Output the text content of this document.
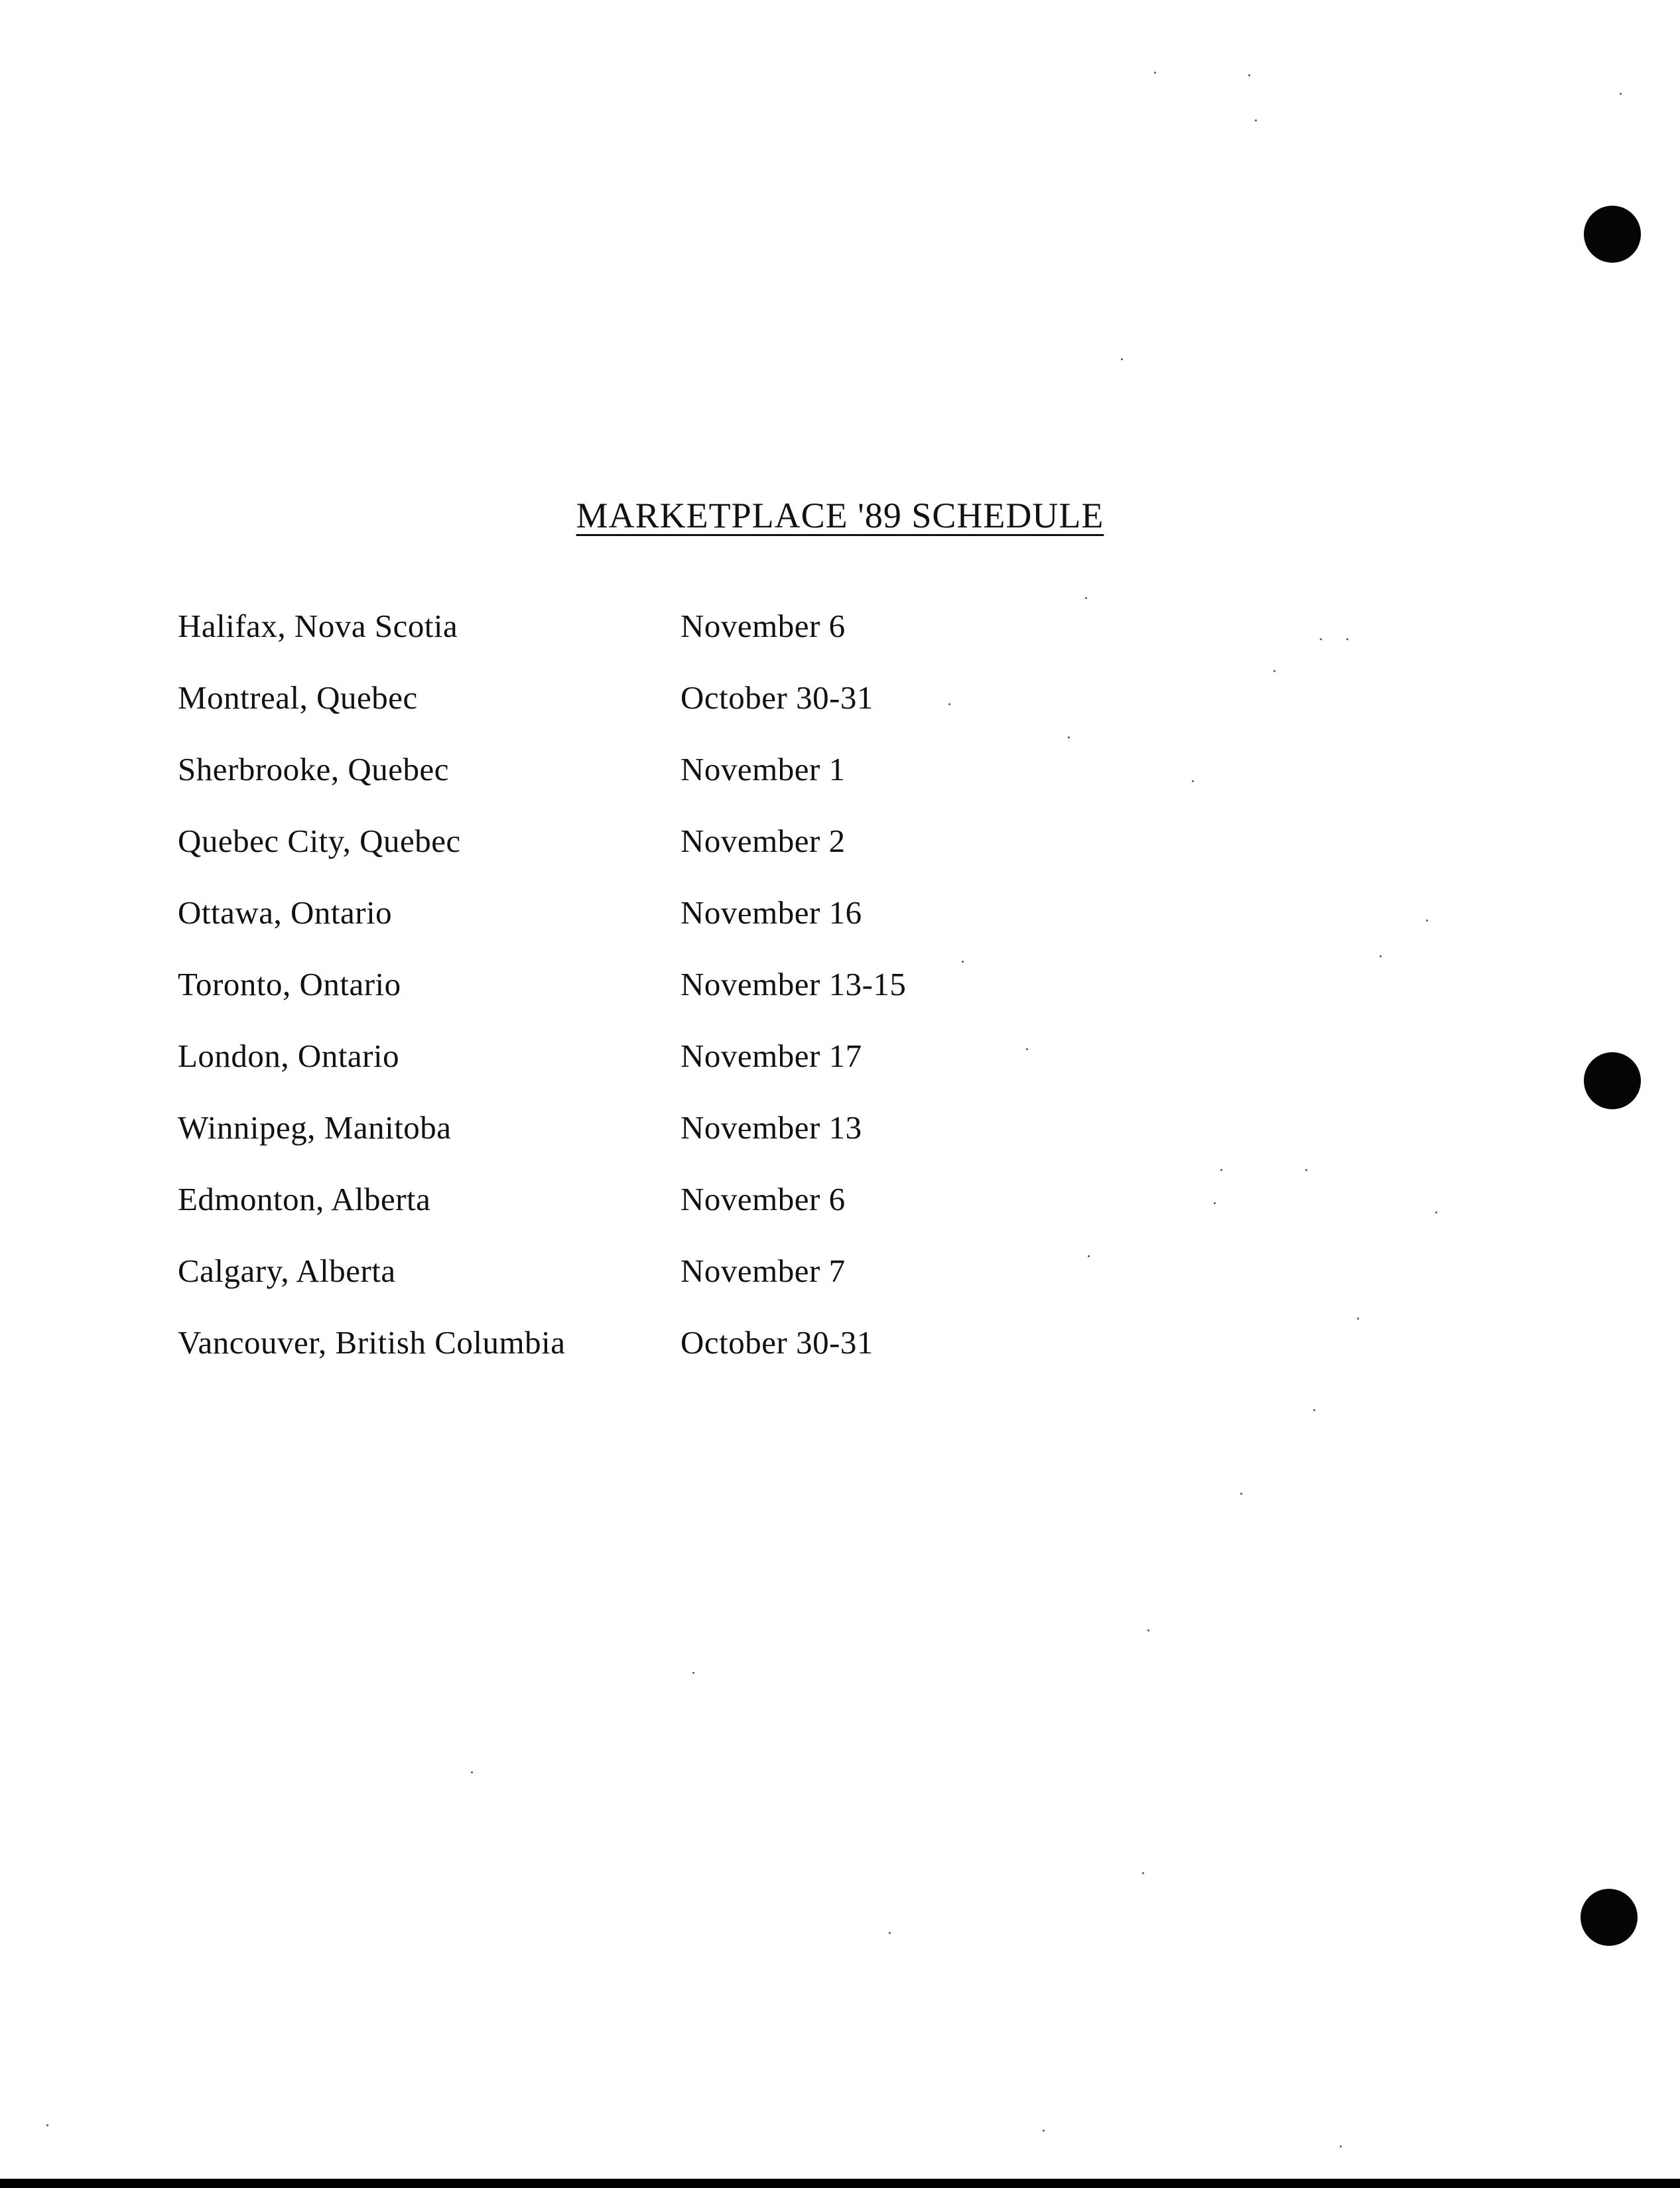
MARKETPLACE '89 SCHEDULE
Halifax, Nova Scotia	November 6
Montreal, Quebec	October 30-31
Sherbrooke, Quebec	November 1
Quebec City, Quebec	November 2
Ottawa, Ontario	November 16
Toronto, Ontario	November 13-15
London, Ontario	November 17
Winnipeg, Manitoba	November 13
Edmonton, Alberta	November 6
Calgary, Alberta	November 7
Vancouver, British Columbia	October 30-31
